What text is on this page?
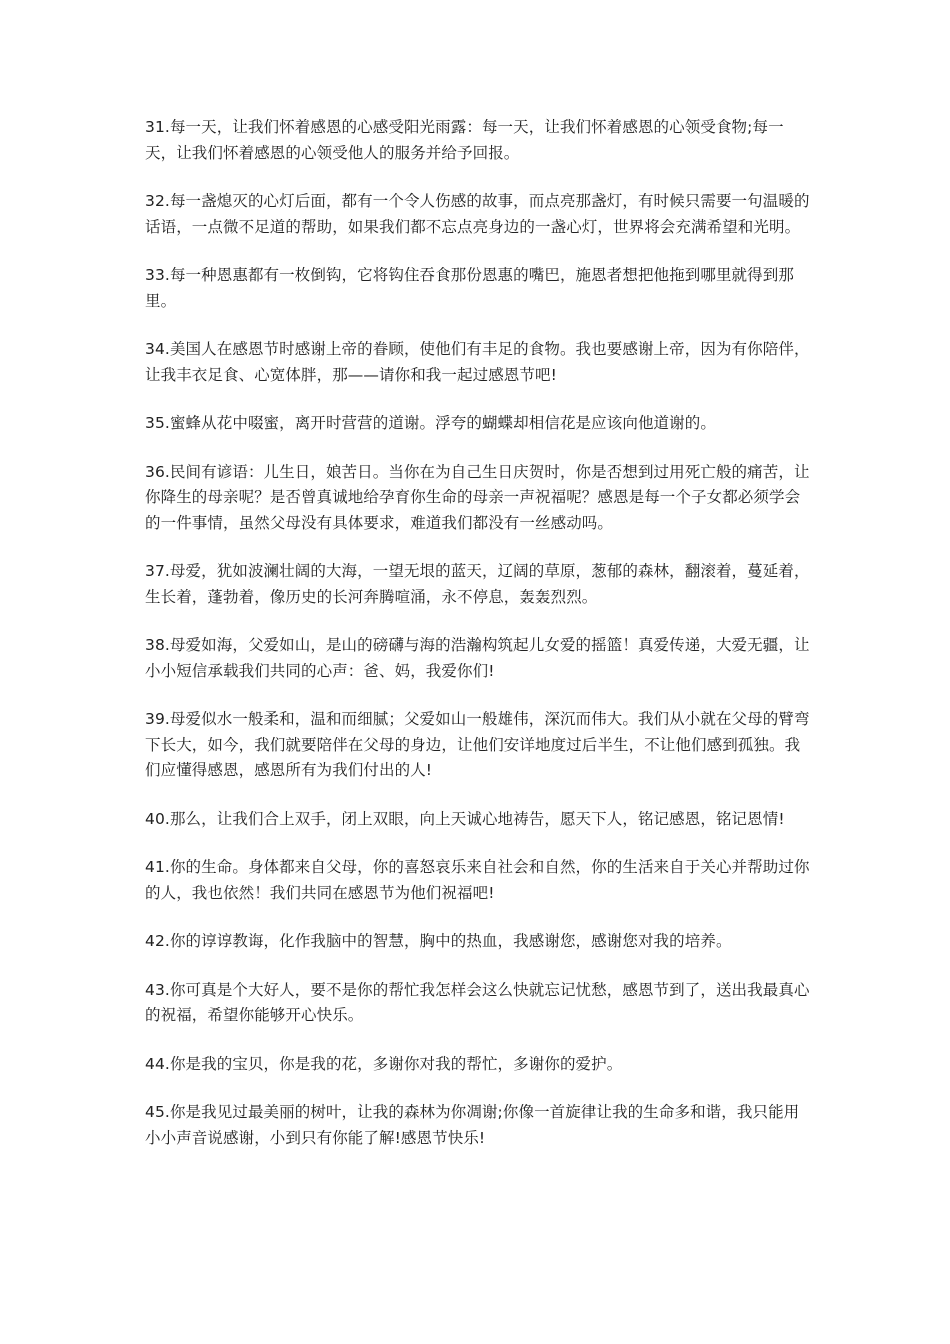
31.每一天，让我们怀着感恩的心感受阳光雨露：每一天，让我们怀着感恩的心领受食物;每一天，让我们怀着感恩的心领受他人的服务并给予回报。

32.每一盏熄灭的心灯后面，都有一个令人伤感的故事，而点亮那盏灯，有时候只需要一句温暖的话语，一点微不足道的帮助，如果我们都不忘点亮身边的一盏心灯，世界将会充满希望和光明。

33.每一种恩惠都有一枚倒钩，它将钩住吞食那份恩惠的嘴巴，施恩者想把他拖到哪里就得到那里。

34.美国人在感恩节时感谢上帝的眷顾，使他们有丰足的食物。我也要感谢上帝，因为有你陪伴，让我丰衣足食、心宽体胖，那——请你和我一起过感恩节吧!

35.蜜蜂从花中啜蜜，离开时营营的道谢。浮夸的蝴蝶却相信花是应该向他道谢的。

36.民间有谚语：儿生日，娘苦日。当你在为自己生日庆贺时，你是否想到过用死亡般的痛苦，让你降生的母亲呢？是否曾真诚地给孕育你生命的母亲一声祝福呢？感恩是每一个子女都必须学会的一件事情，虽然父母没有具体要求，难道我们都没有一丝感动吗。

37.母爱，犹如波澜壮阔的大海，一望无垠的蓝天，辽阔的草原，葱郁的森林，翻滚着，蔓延着，生长着，蓬勃着，像历史的长河奔腾喧涌，永不停息，轰轰烈烈。

38.母爱如海，父爱如山，是山的磅礴与海的浩瀚构筑起儿女爱的摇篮！真爱传递，大爱无疆，让小小短信承载我们共同的心声：爸、妈，我爱你们!

39.母爱似水一般柔和，温和而细腻；父爱如山一般雄伟，深沉而伟大。我们从小就在父母的臂弯下长大，如今，我们就要陪伴在父母的身边，让他们安详地度过后半生，不让他们感到孤独。我们应懂得感恩，感恩所有为我们付出的人!

40.那么，让我们合上双手，闭上双眼，向上天诚心地祷告，愿天下人，铭记感恩，铭记恩情!

41.你的生命。身体都来自父母，你的喜怒哀乐来自社会和自然，你的生活来自于关心并帮助过你的人，我也依然！我们共同在感恩节为他们祝福吧!

42.你的谆谆教诲，化作我脑中的智慧，胸中的热血，我感谢您，感谢您对我的培养。

43.你可真是个大好人，要不是你的帮忙我怎样会这么快就忘记忧愁，感恩节到了，送出我最真心的祝福，希望你能够开心快乐。

44.你是我的宝贝，你是我的花，多谢你对我的帮忙，多谢你的爱护。

45.你是我见过最美丽的树叶，让我的森林为你凋谢;你像一首旋律让我的生命多和谐，我只能用小小声音说感谢，小到只有你能了解!感恩节快乐!
